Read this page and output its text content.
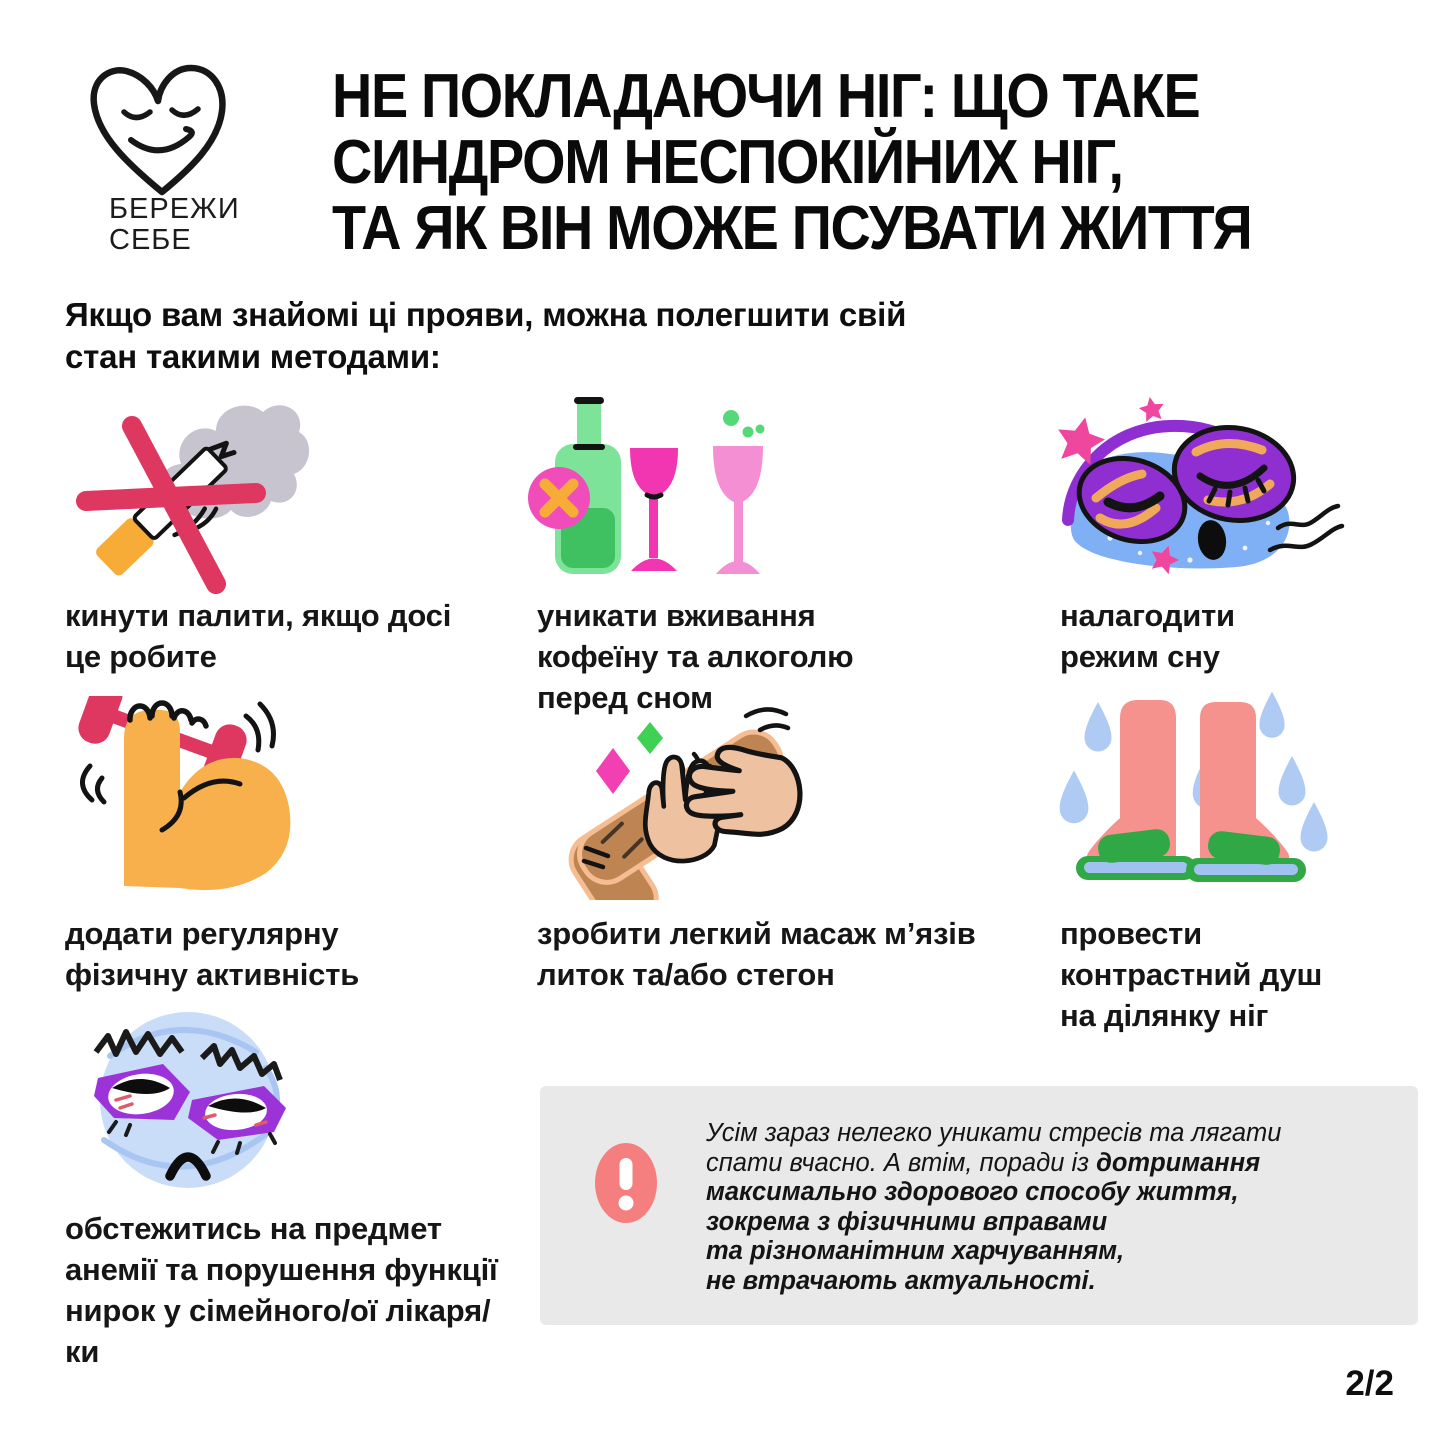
БЕРЕЖИ
СЕБЕ
НЕ ПОКЛАДАЮЧИ НІГ: ЩО ТАКЕ
СИНДРОМ НЕСПОКІЙНИХ НІГ,
ТА ЯК ВІН МОЖЕ ПСУВАТИ ЖИТТЯ
Якщо вам знайомі ці прояви, можна полегшити свій стан такими методами:
кинути палити, якщо досі це робите
уникати вживання кофеїну та алкоголю перед сном
налагодити режим сну
додати регулярну фізичну активність
зробити легкий масаж м’язів литок та/або стегон
провести контрастний душ на ділянку ніг
обстежитись на предмет анемії та порушення функції нирок у сімейного/ої лікаря/ки
Усім зараз нелегко уникати стресів та лягати
спати вчасно. А втім, поради із дотримання
максимально здорового способу життя,
зокрема з фізичними вправами
та різноманітним харчуванням,
не втрачають актуальності.
2/2
